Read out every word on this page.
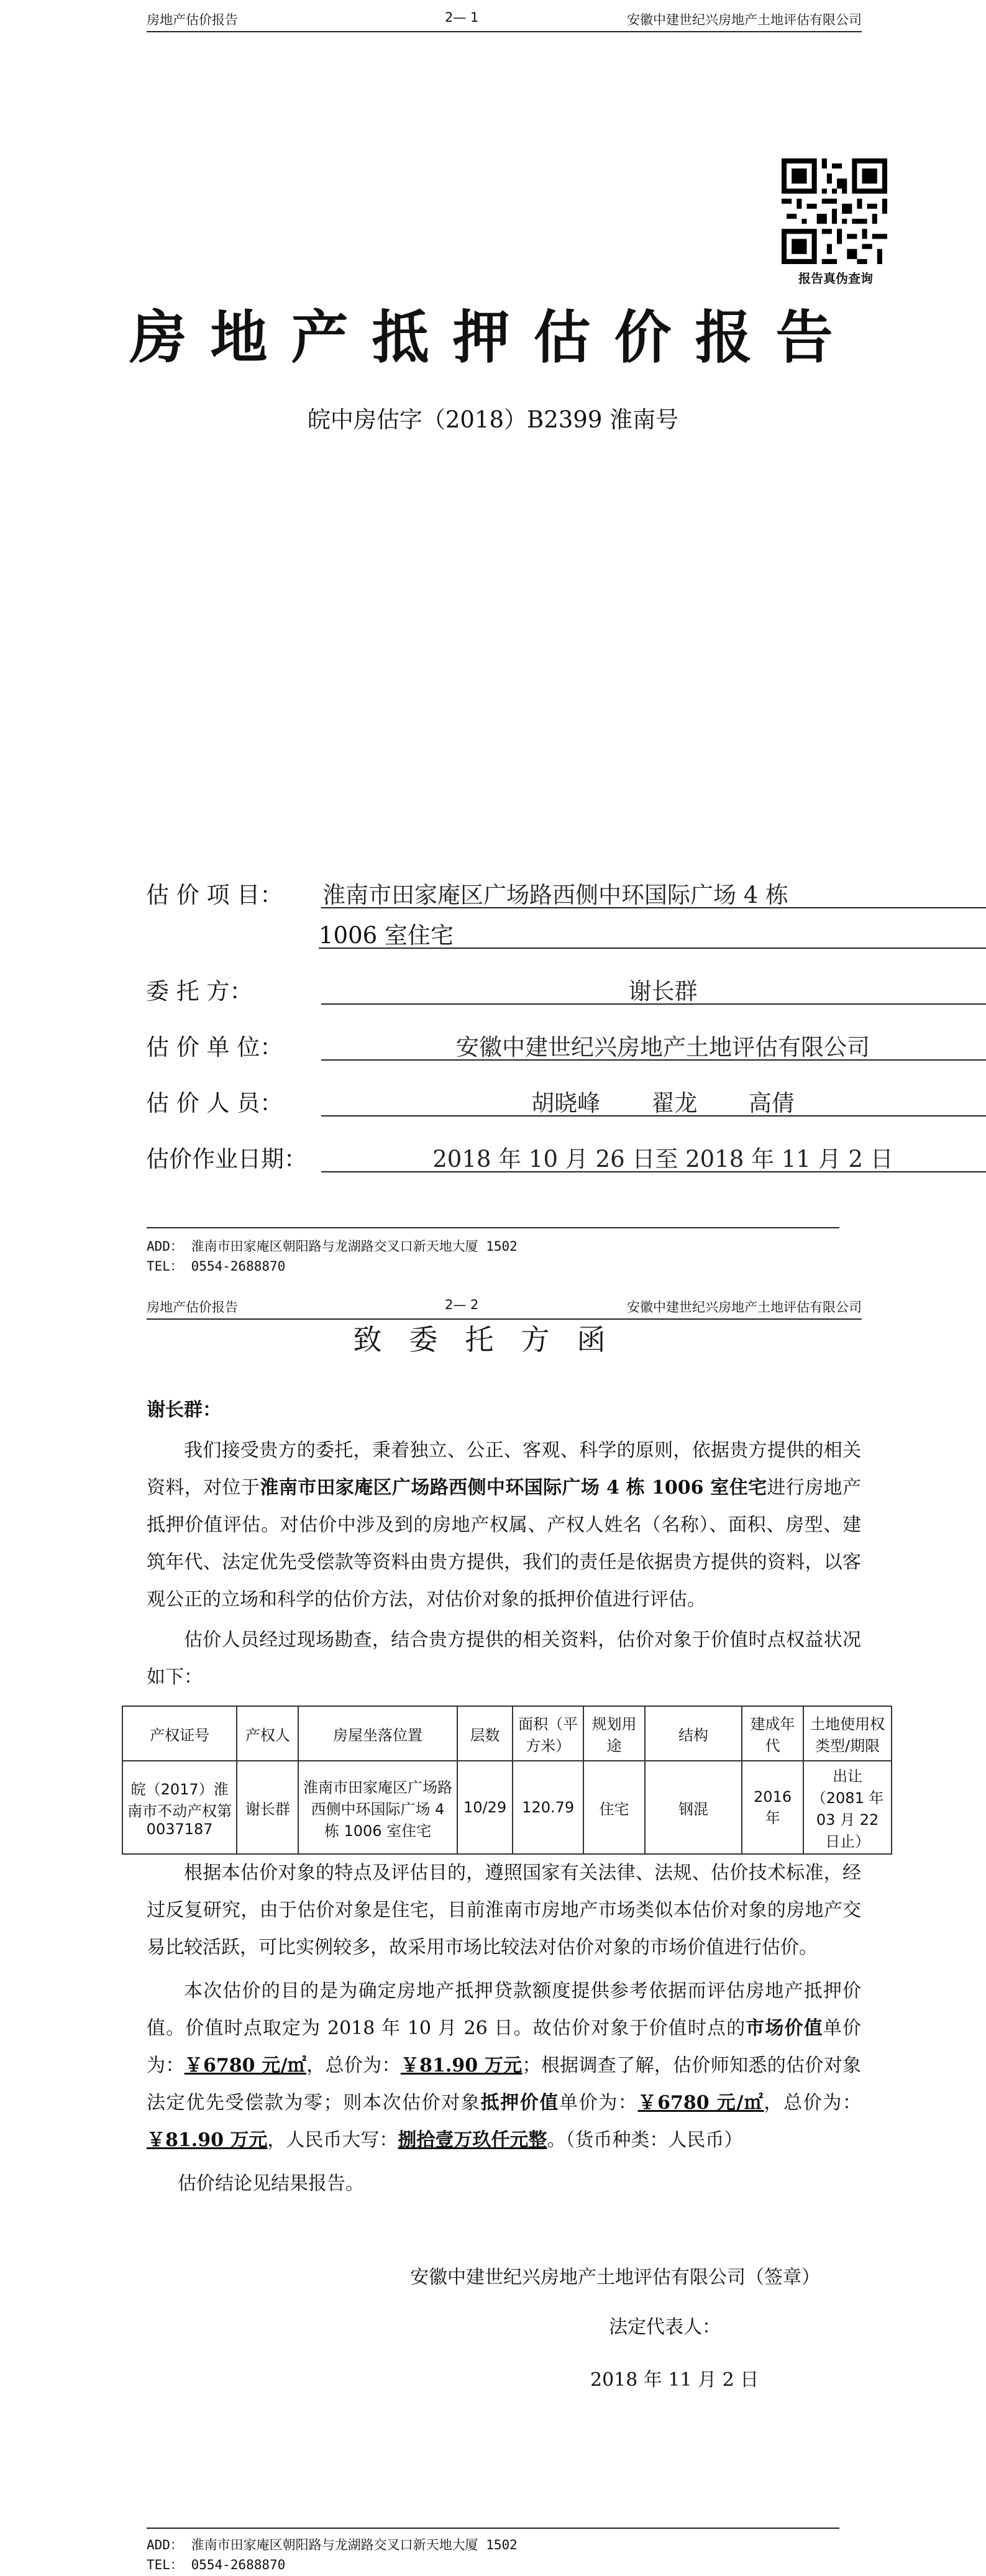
房地产估价报告	2— 1	安徽中建世纪兴房地产土地评估有限公司
报告真伪查询
房地产抵押估价报告
皖中房估字（2018）B2399 淮南号
估 价 项 目： 淮南市田家庵区广场路西侧中环国际广场 4 栋
1006 室住宅
委 托 方：	谢长群
估 价 单 位：	安徽中建世纪兴房地产土地评估有限公司
估 价 人 员：	胡晓峰       翟龙       高倩
估价作业日期：	2018 年 10 月 26 日至 2018 年 11 月 2 日
ADD： 淮南市田家庵区朝阳路与龙湖路交叉口新天地大厦 1502
TEL： 0554-2688870
房地产估价报告	2— 2	安徽中建世纪兴房地产土地评估有限公司
致委托方函
谢长群：
我们接受贵方的委托，秉着独立、公正、客观、科学的原则，依据贵方提供的相关资料，对位于淮南市田家庵区广场路西侧中环国际广场 4 栋 1006 室住宅进行房地产抵押价值评估。对估价中涉及到的房地产权属、产权人姓名（名称）、面积、房型、建筑年代、法定优先受偿款等资料由贵方提供，我们的责任是依据贵方提供的资料，以客观公正的立场和科学的估价方法，对估价对象的抵押价值进行评估。
估价人员经过现场勘查，结合贵方提供的相关资料，估价对象于价值时点权益状况如下：
产权证号	产权人	房屋坐落位置	层数	面积（平方米）	规划用途	结构	建成年代	土地使用权类型/期限
皖（2017）淮南市不动产权第 0037187	谢长群	淮南市田家庵区广场路西侧中环国际广场 4 栋 1006 室住宅	10/29	120.79	住宅	钢混	2016 年	出让（2081 年 03 月 22 日止）
根据本估价对象的特点及评估目的，遵照国家有关法律、法规、估价技术标准，经过反复研究，由于估价对象是住宅，目前淮南市房地产市场类似本估价对象的房地产交易比较活跃，可比实例较多，故采用市场比较法对估价对象的市场价值进行估价。
本次估价的目的是为确定房地产抵押贷款额度提供参考依据而评估房地产抵押价值。价值时点取定为 2018 年 10 月 26 日。故估价对象于价值时点的市场价值单价为：￥6780 元/㎡，总价为：￥81.90 万元；根据调查了解，估价师知悉的估价对象法定优先受偿款为零；则本次估价对象抵押价值单价为：￥6780 元/㎡，总价为：￥81.90 万元，人民币大写：捌拾壹万玖仟元整。（货币种类：人民币）
估价结论见结果报告。
安徽中建世纪兴房地产土地评估有限公司（签章）
法定代表人：
2018 年 11 月 2 日
ADD： 淮南市田家庵区朝阳路与龙湖路交叉口新天地大厦 1502
TEL： 0554-2688870
